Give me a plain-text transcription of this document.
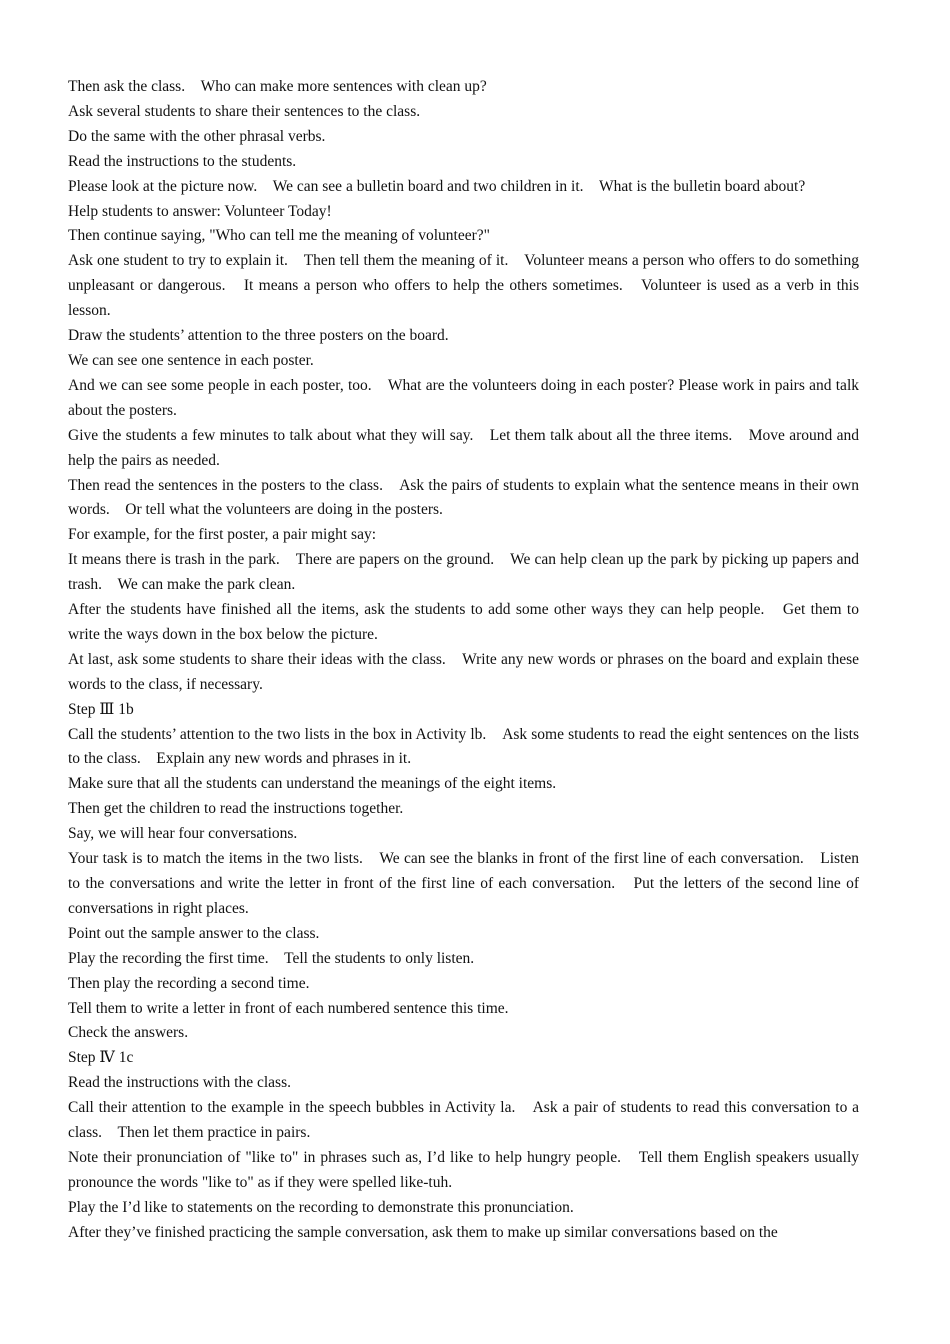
Then ask the class.　Who can make more sentences with clean up?

Ask several students to share their sentences to the class.

Do the same with the other phrasal verbs.

Read the instructions to the students.

Please look at the picture now.　We can see a bulletin board and two children in it.　What is the bulletin board about?

Help students to answer: Volunteer Today!

Then continue saying, "Who can tell me the meaning of volunteer?"

Ask one student to try to explain it.　Then tell them the meaning of it.　Volunteer means a person who offers to do something unpleasant or dangerous.　It means a person who offers to help the others sometimes.　Volunteer is used as a verb in this lesson.

Draw the students’ attention to the three posters on the board.

We can see one sentence in each poster.

And we can see some people in each poster, too.　What are the volunteers doing in each poster? Please work in pairs and talk about the posters.

Give the students a few minutes to talk about what they will say.　Let them talk about all the three items.　Move around and help the pairs as needed.

Then read the sentences in the posters to the class.　Ask the pairs of students to explain what the sentence means in their own words.　Or tell what the volunteers are doing in the posters.

For example, for the first poster, a pair might say:

It means there is trash in the park.　There are papers on the ground.　We can help clean up the park by picking up papers and trash.　We can make the park clean.

After the students have finished all the items, ask the students to add some other ways they can help people.　Get them to write the ways down in the box below the picture.

At last, ask some students to share their ideas with the class.　Write any new words or phrases on the board and explain these words to the class, if necessary.

Step Ⅲ 1b

Call the students’ attention to the two lists in the box in Activity lb.　Ask some students to read the eight sentences on the lists to the class.　Explain any new words and phrases in it.

Make sure that all the students can understand the meanings of the eight items.

Then get the children to read the instructions together.

Say, we will hear four conversations.

Your task is to match the items in the two lists.　We can see the blanks in front of the first line of each conversation.　Listen to the conversations and write the letter in front of the first line of each conversation.　Put the letters of the second line of conversations in right places.

Point out the sample answer to the class.

Play the recording the first time.　Tell the students to only listen.

Then play the recording a second time.

Tell them to write a letter in front of each numbered sentence this time.

Check the answers.

Step Ⅳ 1c

Read the instructions with the class.

Call their attention to the example in the speech bubbles in Activity la.　Ask a pair of students to read this conversation to a class.　Then let them practice in pairs.

Note their pronunciation of "like to" in phrases such as, I’d like to help hungry people.　Tell them English speakers usually pronounce the words "like to" as if they were spelled like-tuh.

Play the I’d like to statements on the recording to demonstrate this pronunciation.

After they’ve finished practicing the sample conversation, ask them to make up similar conversations based on the
